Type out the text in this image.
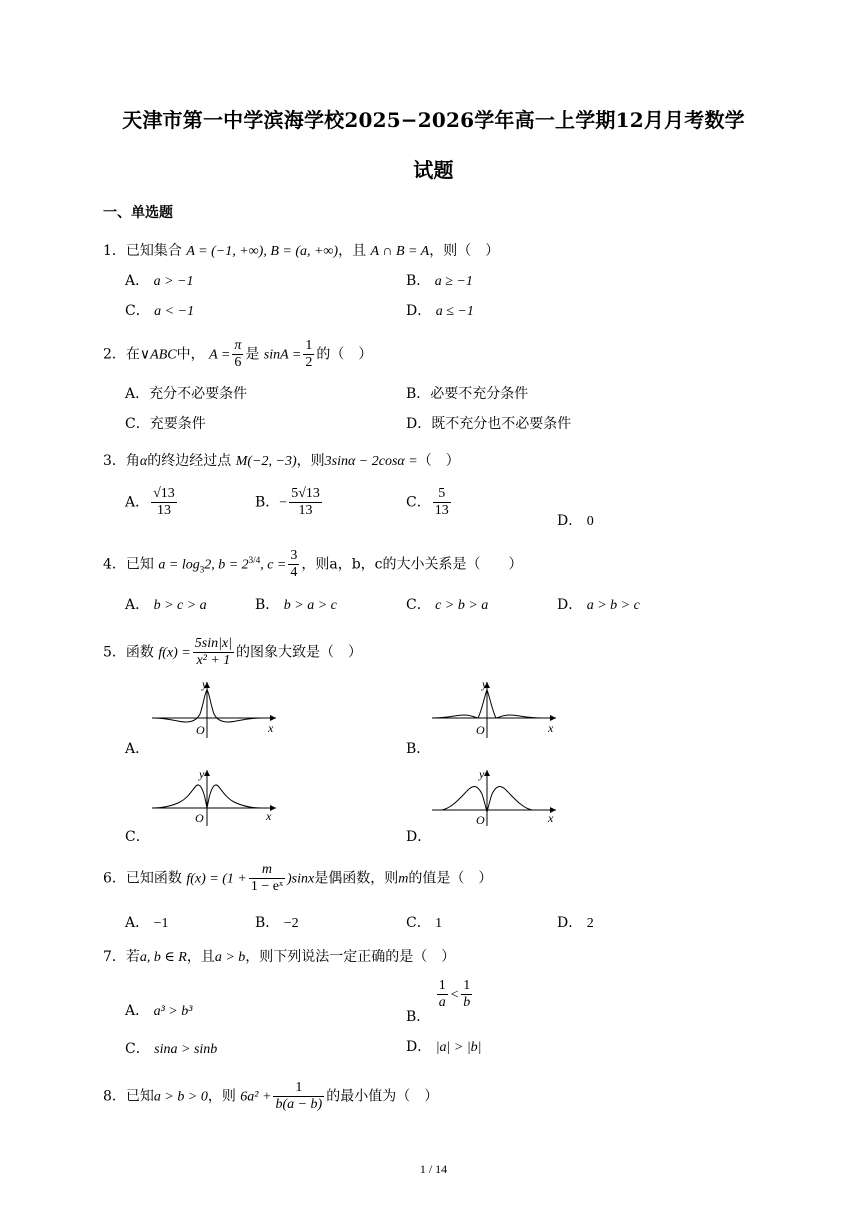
天津市第一中学滨海学校2025−2026学年高一上学期12月月考数学
试题
一、单选题
1．已知集合 A = (−1, +∞), B = (a, +∞)，且 A ∩ B = A，则（　）
A． a > −1	B． a ≥ −1
C． a < −1	D． a ≤ −1
2．在∨ABC中， $A = \frac{\pi}{6}$ 是 $\sin A = \frac{1}{2}$ 的（　）
A．充分不必要条件	B．必要不充分条件
C．充要条件	D．既不充分也不必要条件
3．角α的终边经过点 M(−2, −3)，则3sinα − 2cosα =（　）
A． $\frac{√13}{13}$	B．− $\frac{5√13}{13}$	C． $\frac{5}{13}$
D． 0
4．已知 $a = \log_32$, $b = 2^{3/4}$, $c = \frac{3}{4}$ ，则a，b，c的大小关系是（　　）
A． b > c > a	B． b > a > c	C． c > b > a	D． a > b > c
5．函数 $f(x) = \frac{5\sin|x|}{\text{x² + 1}}$ 的图象大致是（　）
A．	B．
C．	D．
y
x
O
y
x
O
y
x
O
y
x
O
6．已知函数 $f(x) = (1 + \frac{m}{\text{1 − eˣ}} )\sin x$是偶函数，则m的值是（　）
A． −1	B． −2	C． 1	D． 2
7．若a, b ∈ R，且a > b，则下列说法一定正确的是（　）
A． a³ > b³	B．
$\frac{1}{a} < \frac{1}{b}$
C． sina > sinb	D． |a| > |b|
8．已知a > b > 0，则 $6a^2 + \frac{1}{b(a - b)}$ 的最小值为（　）
1 / 14
